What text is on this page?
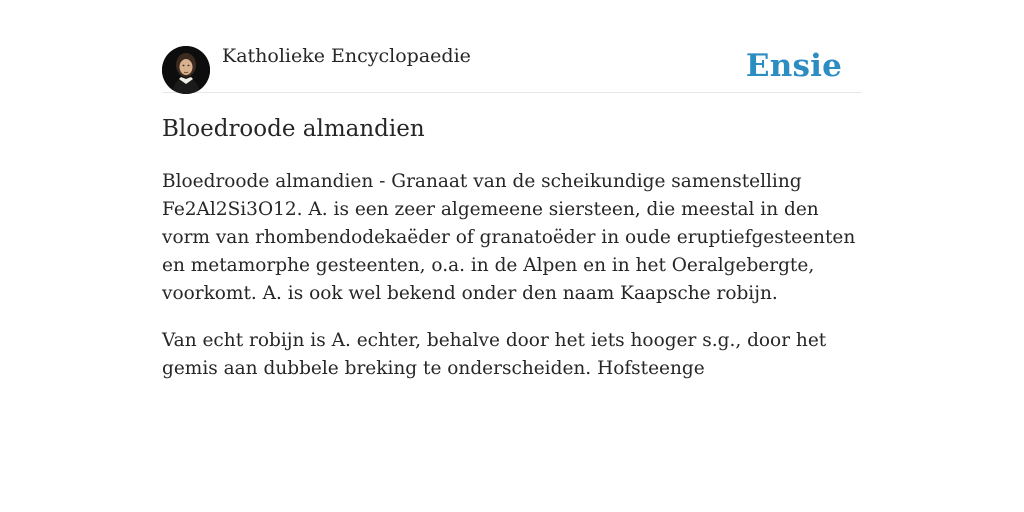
Katholieke Encyclopaedie	Ensie
Bloedroode almandien

Bloedroode almandien - Granaat van de scheikundige samenstelling Fe2Al2Si3O12. A. is een zeer algemeene siersteen, die meestal in den vorm van rhombendodekaëder of granatoëder in oude eruptiefgesteenten en metamorphe gesteenten, o.a. in de Alpen en in het Oeralgebergte, voorkomt. A. is ook wel bekend onder den naam Kaapsche robijn.

Van echt robijn is A. echter, behalve door het iets hooger s.g., door het gemis aan dubbele breking te onderscheiden. Hofsteenge
